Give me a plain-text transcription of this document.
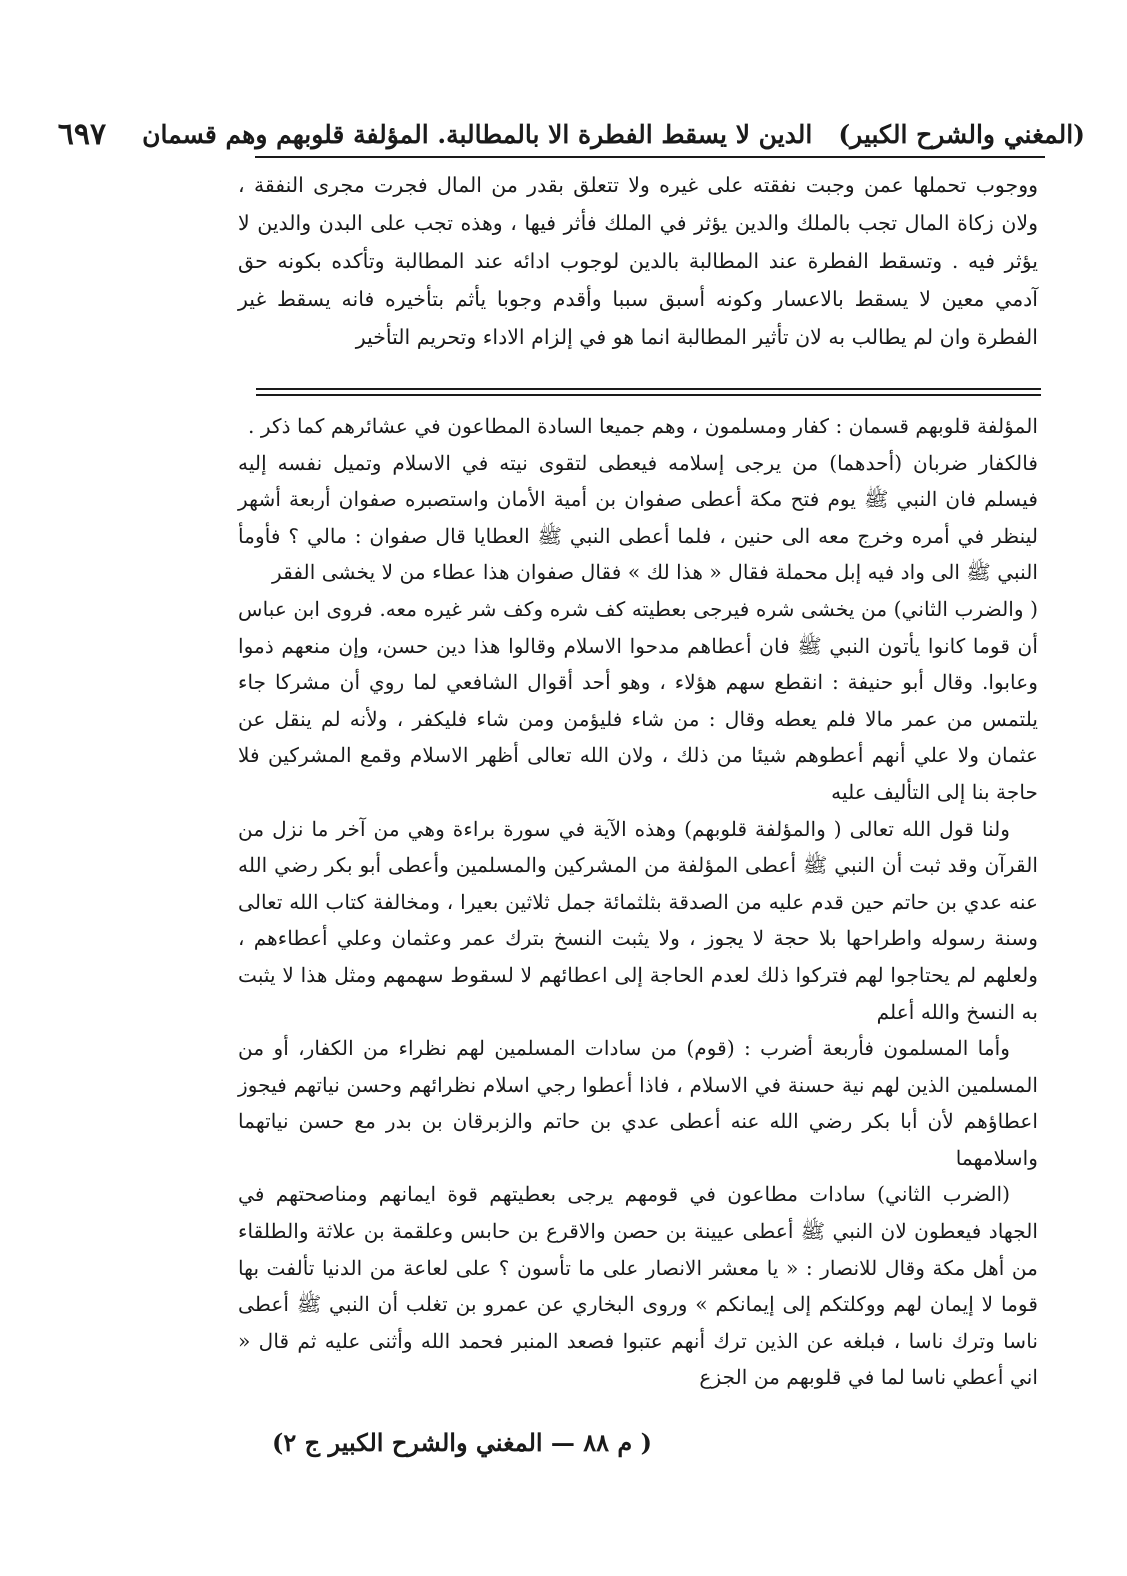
(المغني والشرح الكبير)
الدين لا يسقط الفطرة الا بالمطالبة. المؤلفة قلوبهم وهم قسمان
٦٩٧

ووجوب تحملها عمن وجبت نفقته على غيره ولا تتعلق بقدر من المال فجرت مجرى النفقة ، ولان زكاة المال تجب بالملك والدين يؤثر في الملك فأثر فيها ، وهذه تجب على البدن والدين لا يؤثر فيه . وتسقط الفطرة عند المطالبة بالدين لوجوب ادائه عند المطالبة وتأكده بكونه حق آدمي معين لا يسقط بالاعسار وكونه أسبق سببا وأقدم وجوبا يأثم بتأخيره فانه يسقط غير الفطرة وان لم يطالب به لان تأثير المطالبة انما هو في إلزام الاداء وتحريم التأخير

المؤلفة قلوبهم قسمان : كفار ومسلمون ، وهم جميعا السادة المطاعون في عشائرهم كما ذكر .

فالكفار ضربان (أحدهما) من يرجى إسلامه فيعطى لتقوى نيته في الاسلام وتميل نفسه إليه فيسلم فان النبي ﷺ يوم فتح مكة أعطى صفوان بن أمية الأمان واستصبره صفوان أربعة أشهر لينظر في أمره وخرج معه الى حنين ، فلما أعطى النبي ﷺ العطايا قال صفوان : مالي ؟ فأومأ النبي ﷺ الى واد فيه إبل محملة فقال « هذا لك » فقال صفوان هذا عطاء من لا يخشى الفقر

( والضرب الثاني) من يخشى شره فيرجى بعطيته كف شره وكف شر غيره معه. فروى ابن عباس أن قوما كانوا يأتون النبي ﷺ فان أعطاهم مدحوا الاسلام وقالوا هذا دين حسن، وإن منعهم ذموا وعابوا. وقال أبو حنيفة : انقطع سهم هؤلاء ، وهو أحد أقوال الشافعي لما روي أن مشركا جاء يلتمس من عمر مالا فلم يعطه وقال : من شاء فليؤمن ومن شاء فليكفر ، ولأنه لم ينقل عن عثمان ولا علي أنهم أعطوهم شيئا من ذلك ، ولان الله تعالى أظهر الاسلام وقمع المشركين فلا حاجة بنا إلى التأليف عليه

ولنا قول الله تعالى ( والمؤلفة قلوبهم) وهذه الآية في سورة براءة وهي من آخر ما نزل من القرآن وقد ثبت أن النبي ﷺ أعطى المؤلفة من المشركين والمسلمين وأعطى أبو بكر رضي الله عنه عدي بن حاتم حين قدم عليه من الصدقة بثلثمائة جمل ثلاثين بعيرا ، ومخالفة كتاب الله تعالى وسنة رسوله واطراحها بلا حجة لا يجوز ، ولا يثبت النسخ بترك عمر وعثمان وعلي أعطاءهم ، ولعلهم لم يحتاجوا لهم فتركوا ذلك لعدم الحاجة إلى اعطائهم لا لسقوط سهمهم ومثل هذا لا يثبت به النسخ والله أعلم

وأما المسلمون فأربعة أضرب : (قوم) من سادات المسلمين لهم نظراء من الكفار، أو من المسلمين الذين لهم نية حسنة في الاسلام ، فاذا أعطوا رجي اسلام نظرائهم وحسن نياتهم فيجوز اعطاؤهم لأن أبا بكر رضي الله عنه أعطى عدي بن حاتم والزبرقان بن بدر مع حسن نياتهما واسلامهما

(الضرب الثاني) سادات مطاعون في قومهم يرجى بعطيتهم قوة ايمانهم ومناصحتهم في الجهاد فيعطون لان النبي ﷺ أعطى عيينة بن حصن والاقرع بن حابس وعلقمة بن علاثة والطلقاء من أهل مكة وقال للانصار : « يا معشر الانصار على ما تأسون ؟ على لعاعة من الدنيا تألفت بها قوما لا إيمان لهم ووكلتكم إلى إيمانكم » وروى البخاري عن عمرو بن تغلب أن النبي ﷺ أعطى ناسا وترك ناسا ، فبلغه عن الذين ترك أنهم عتبوا فصعد المنبر فحمد الله وأثنى عليه ثم قال « اني أعطي ناسا لما في قلوبهم من الجزع

( م ٨٨ — المغني والشرح الكبير ج ٢)
